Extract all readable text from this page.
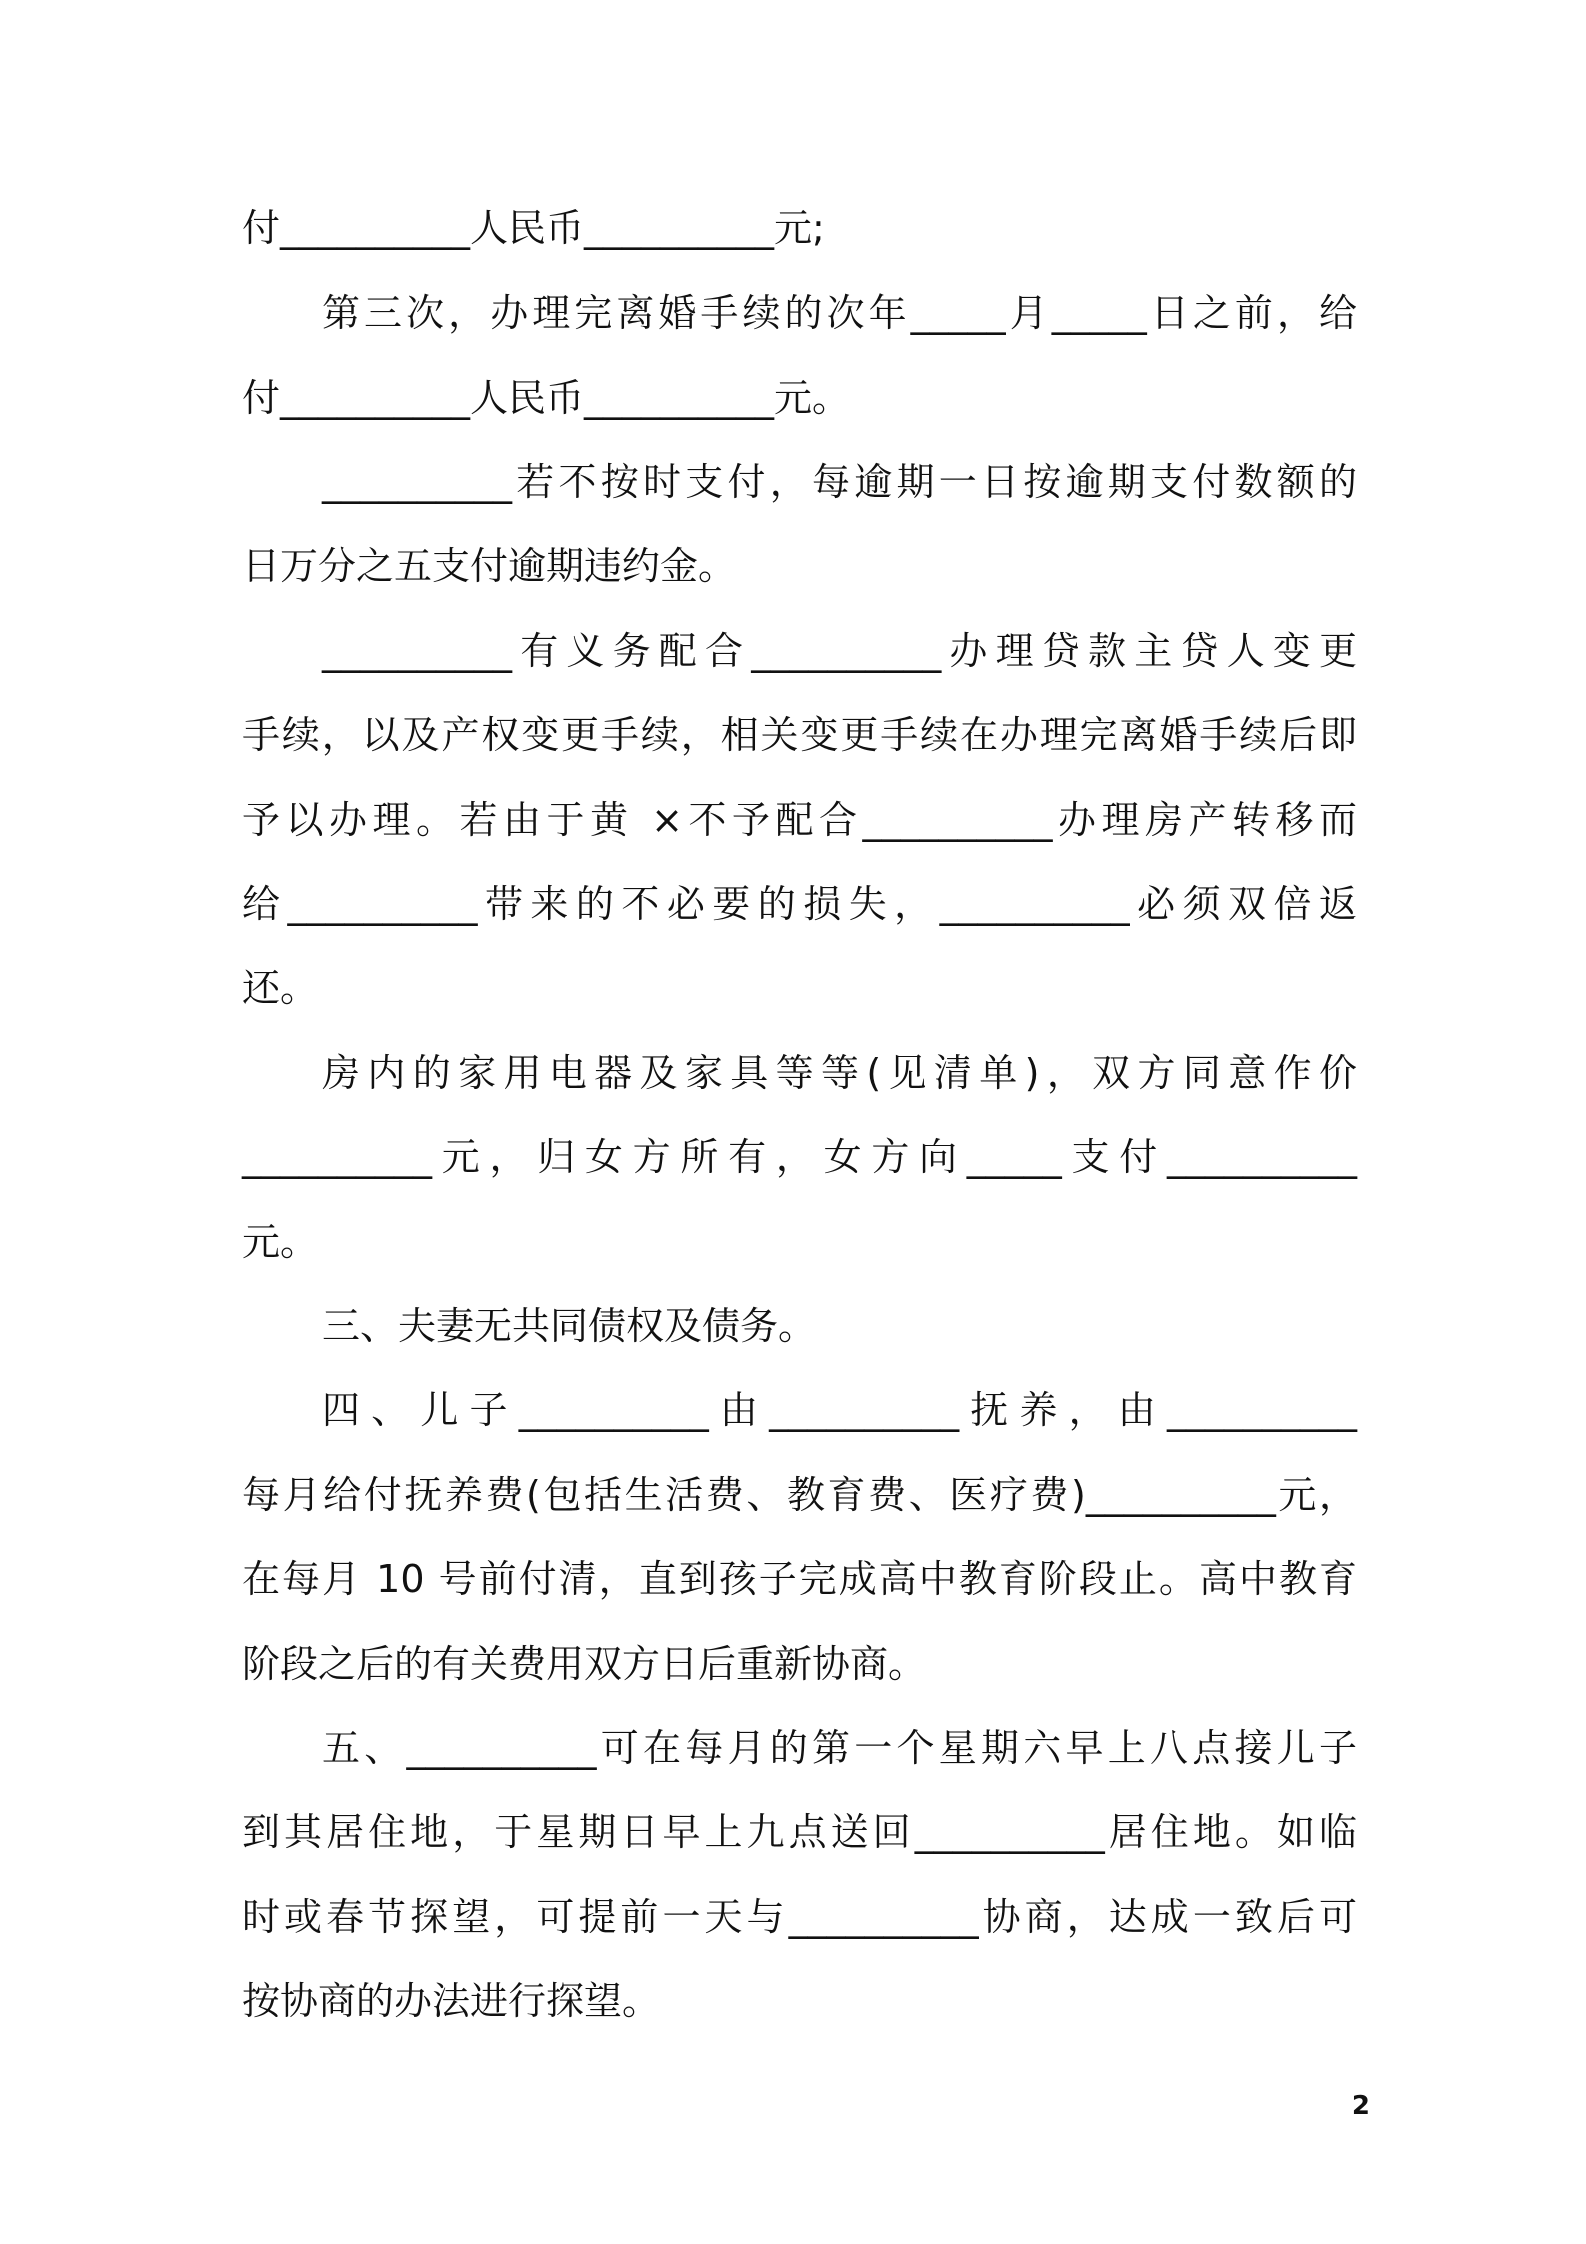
付__________人民币__________元;
第三次，办理完离婚手续的次年_____月_____日之前，给
付__________人民币__________元。
__________若不按时支付，每逾期一日按逾期支付数额的
日万分之五支付逾期违约金。
__________有义务配合__________办理贷款主贷人变更
手续，以及产权变更手续，相关变更手续在办理完离婚手续后即
予以办理。若由于黄 ×不予配合__________办理房产转移而
给__________带来的不必要的损失，__________必须双倍返
还。
房内的家用电器及家具等等(见清单)，双方同意作价
__________元，归女方所有，女方向_____支付__________
元。
三、夫妻无共同债权及债务。
四、儿子__________由__________抚养，由__________
每月给付抚养费(包括生活费、教育费、医疗费)__________元，
在每月 10 号前付清，直到孩子完成高中教育阶段止。高中教育
阶段之后的有关费用双方日后重新协商。
五、__________可在每月的第一个星期六早上八点接儿子
到其居住地，于星期日早上九点送回__________居住地。如临
时或春节探望，可提前一天与__________协商，达成一致后可
按协商的办法进行探望。
2
